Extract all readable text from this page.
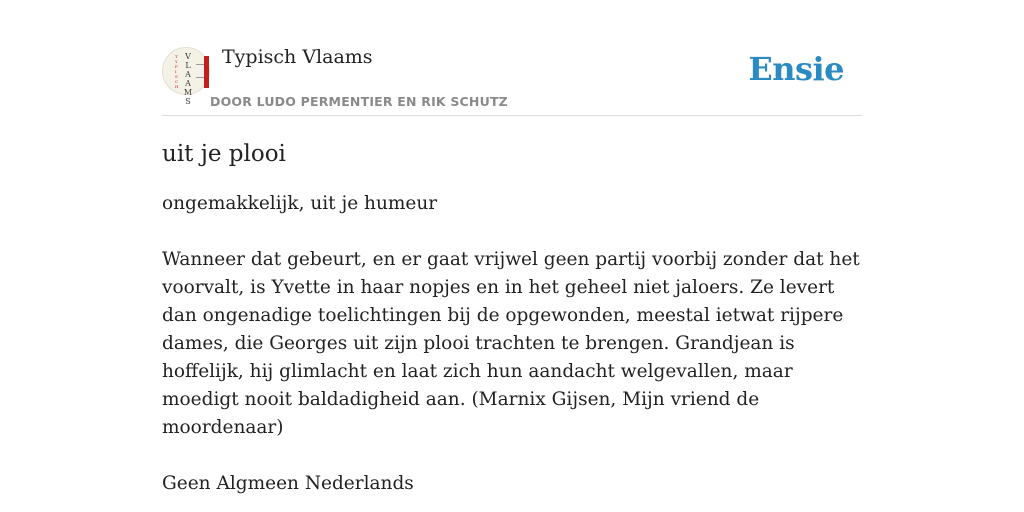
T
Y
P
I
S
C
H
V
L
A
A
M
S
Typisch Vlaams
DOOR LUDO PERMENTIER EN RIK SCHUTZ
Ensie
uit je plooi

ongemakkelijk, uit je humeur

Wanneer dat gebeurt, en er gaat vrijwel geen partij voorbij zonder dat het voorvalt, is Yvette in haar nopjes en in het geheel niet jaloers. Ze levert dan ongenadige toelichtingen bij de opgewonden, meestal ietwat rijpere dames, die Georges uit zijn plooi trachten te brengen. Grandjean is hoffelijk, hij glimlacht en laat zich hun aandacht welgevallen, maar moedigt nooit baldadigheid aan. (Marnix Gijsen, Mijn vriend de moordenaar)

Geen Algmeen Nederlands
